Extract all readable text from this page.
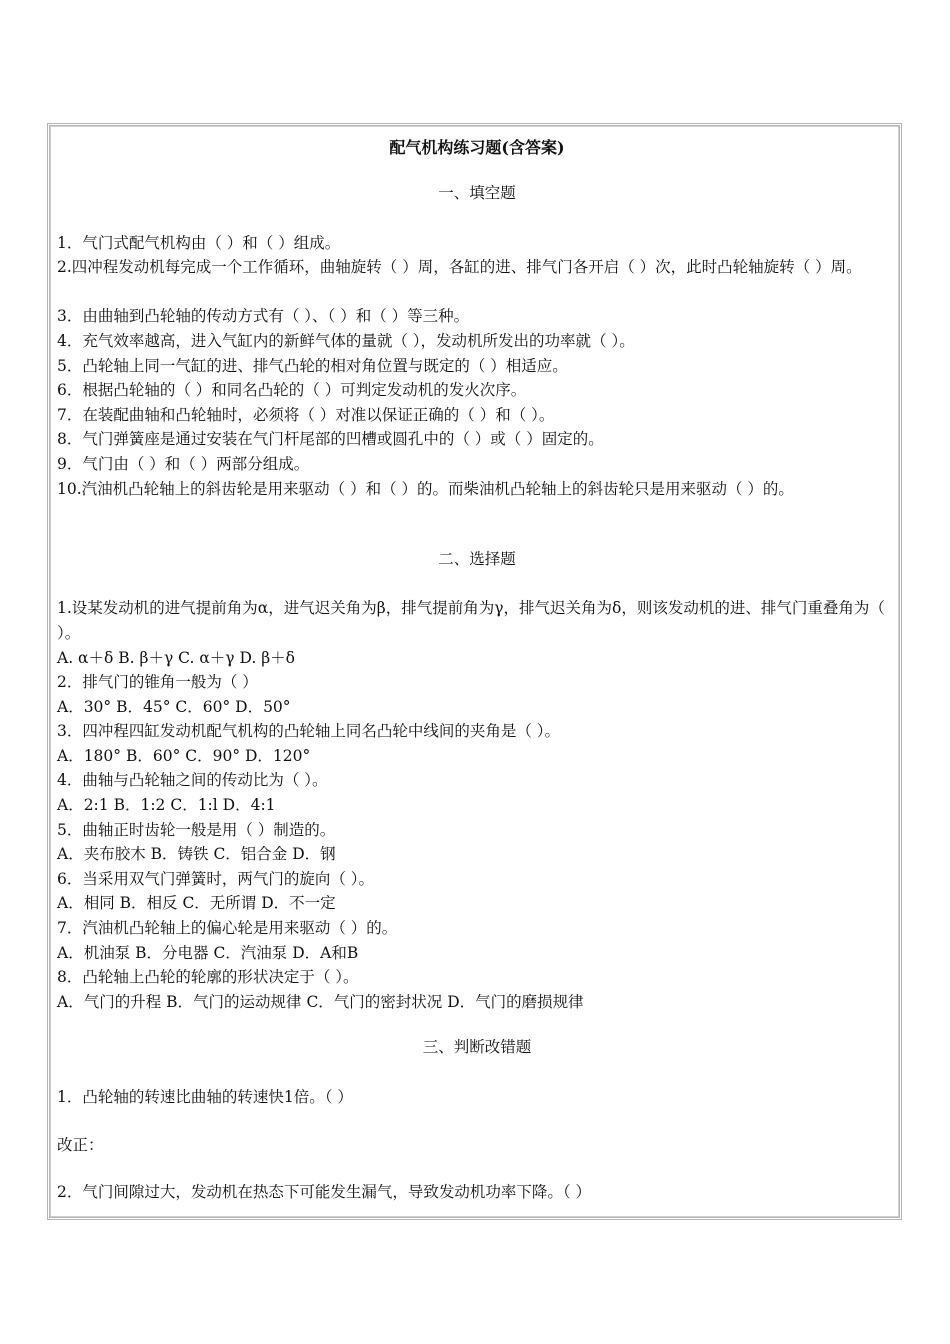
配气机构练习题(含答案)
一、填空题
1．气门式配气机构由（ ）和（ ）组成。
2.四冲程发动机每完成一个工作循环，曲轴旋转（ ）周，各缸的进、排气门各开启（ ）次，此时凸轮轴旋转（ ）周。
3．由曲轴到凸轮轴的传动方式有（ ）、（ ）和（ ）等三种。
4．充气效率越高，进入气缸内的新鲜气体的量就（ ），发动机所发出的功率就（ ）。
5．凸轮轴上同一气缸的进、排气凸轮的相对角位置与既定的（ ）相适应。
6．根据凸轮轴的（ ）和同名凸轮的（ ）可判定发动机的发火次序。
7．在装配曲轴和凸轮轴时，必须将（ ）对准以保证正确的（ ）和（ ）。
8．气门弹簧座是通过安装在气门杆尾部的凹槽或圆孔中的（ ）或（ ）固定的。
9．气门由（ ）和（ ）两部分组成。
10.汽油机凸轮轴上的斜齿轮是用来驱动（ ）和（ ）的。而柴油机凸轮轴上的斜齿轮只是用来驱动（ ）的。
二、选择题
1.设某发动机的进气提前角为α，进气迟关角为β，排气提前角为γ，排气迟关角为δ，则该发动机的进、排气门重叠角为（ ）。
A. α＋δ B. β＋γ C. α＋γ D. β＋δ
2．排气门的锥角一般为（ ）
A．30° B．45° C．60° D．50°
3．四冲程四缸发动机配气机构的凸轮轴上同名凸轮中线间的夹角是（ ）。
A．180° B．60° C．90° D．120°
4．曲轴与凸轮轴之间的传动比为（ ）。
A．2:1 B．1:2 C．1:l D．4:1
5．曲轴正时齿轮一般是用（ ）制造的。
A．夹布胶木 B．铸铁 C．铝合金 D．钢
6．当采用双气门弹簧时，两气门的旋向（ ）。
A．相同 B．相反 C．无所谓 D．不一定
7．汽油机凸轮轴上的偏心轮是用来驱动（ ）的。
A．机油泵 B．分电器 C．汽油泵 D．A和B
8．凸轮轴上凸轮的轮廓的形状决定于（ ）。
A．气门的升程 B．气门的运动规律 C．气门的密封状况 D．气门的磨损规律
三、判断改错题
1．凸轮轴的转速比曲轴的转速快1倍。（ ）
改正：
2．气门间隙过大，发动机在热态下可能发生漏气，导致发动机功率下降。（ ）
